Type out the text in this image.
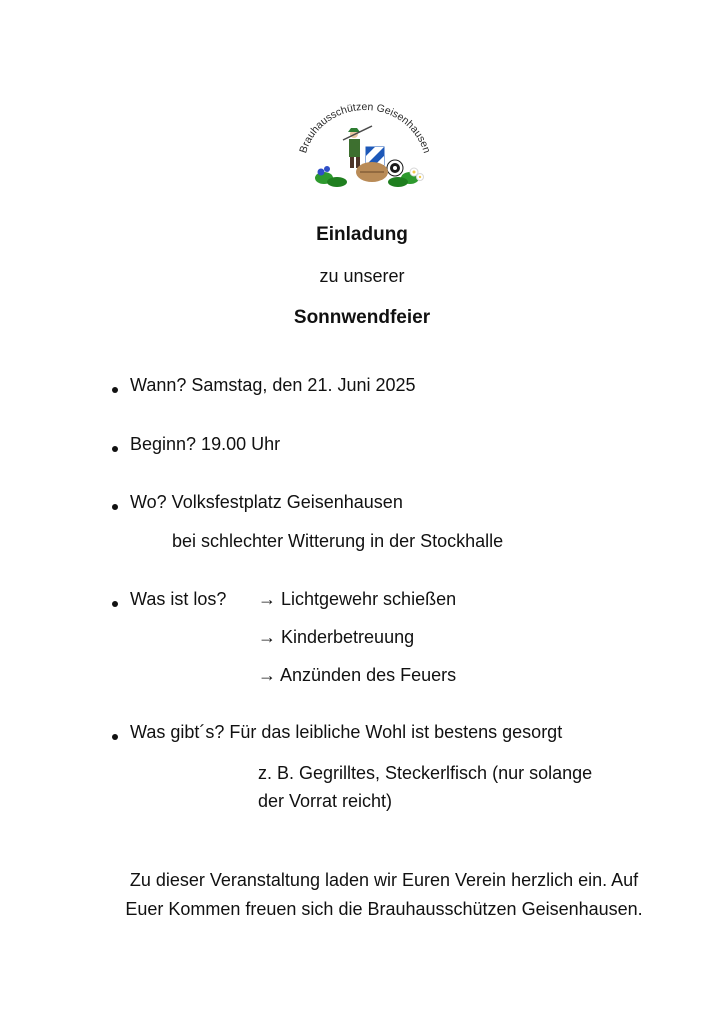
Brauhausschützen Geisenhausen
Einladung
zu unserer
Sonnwendfeier
Wann? Samstag, den 21. Juni 2025
Beginn? 19.00 Uhr
Wo? Volksfestplatz Geisenhausen
bei schlechter Witterung in der Stockhalle
Was ist los? → Lichtgewehr schießen
→ Kinderbetreuung
→ Anzünden des Feuers
Was gibt´s? Für das leibliche Wohl ist bestens gesorgt
z. B. Gegrilltes, Steckerlfisch (nur solange
der Vorrat reicht)
Zu dieser Veranstaltung laden wir Euren Verein herzlich ein. Auf Euer Kommen freuen sich die Brauhausschützen Geisenhausen.
